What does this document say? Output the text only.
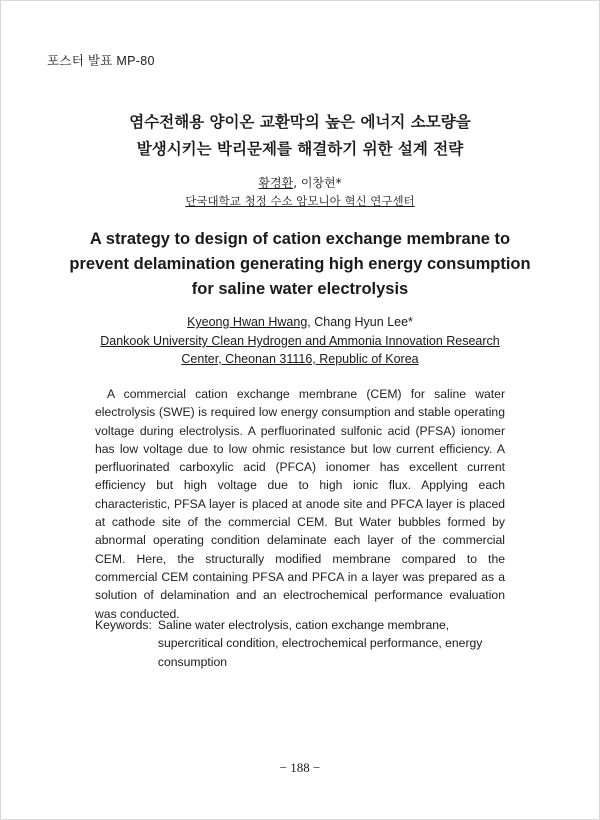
포스터 발표 MP-80
염수전해용 양이온 교환막의 높은 에너지 소모량을
발생시키는 박리문제를 해결하기 위한 설계 전략
황경환, 이창현*
단국대학교 청정 수소 암모니아 혁신 연구센터
A strategy to design of cation exchange membrane to
prevent delamination generating high energy consumption
for saline water electrolysis
Kyeong Hwan Hwang, Chang Hyun Lee*
Dankook University Clean Hydrogen and Ammonia Innovation Research
Center, Cheonan 31116, Republic of Korea
A commercial cation exchange membrane (CEM) for saline water electrolysis (SWE) is required low energy consumption and stable operating voltage during electrolysis. A perfluorinated sulfonic acid (PFSA) ionomer has low voltage due to low ohmic resistance but low current efficiency. A perfluorinated carboxylic acid (PFCA) ionomer has excellent current efficiency but high voltage due to high ionic flux. Applying each characteristic, PFSA layer is placed at anode site and PFCA layer is placed at cathode site of the commercial CEM. But Water bubbles formed by abnormal operating condition delaminate each layer of the commercial CEM. Here, the structurally modified membrane compared to the commercial CEM containing PFSA and PFCA in a layer was prepared as a solution of delamination and an electrochemical performance evaluation was conducted.
Keywords: Saline water electrolysis, cation exchange membrane, supercritical condition, electrochemical performance, energy consumption
− 188 −
